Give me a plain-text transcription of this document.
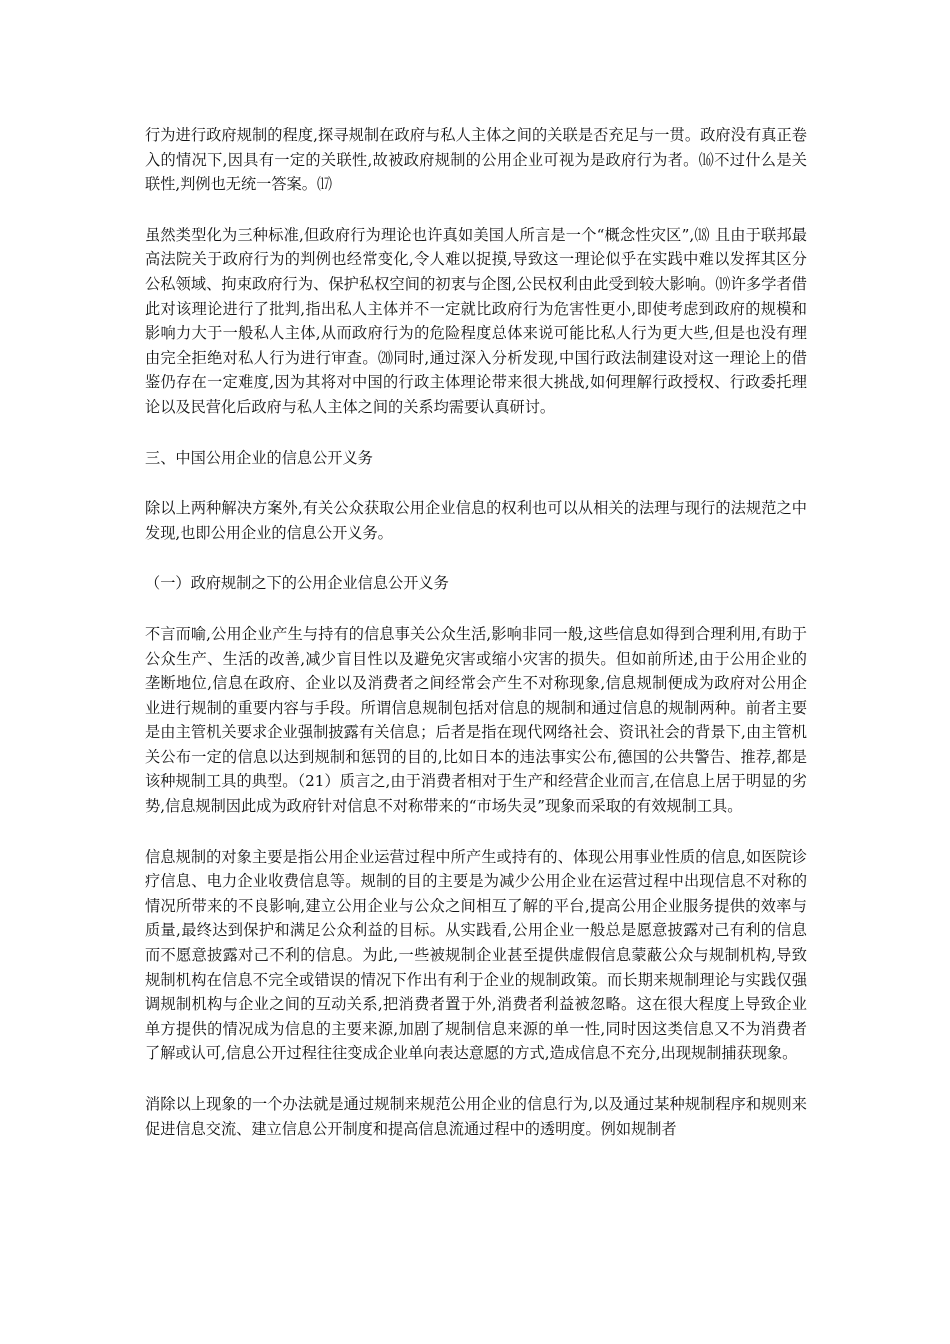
行为进行政府规制的程度,探寻规制在政府与私人主体之间的关联是否充足与一贯。政府没有真正卷入的情况下,因具有一定的关联性,故被政府规制的公用企业可视为是政府行为者。⒃不过什么是关联性,判例也无统一答案。⒄

虽然类型化为三种标准,但政府行为理论也许真如美国人所言是一个“概念性灾区”,⒅ 且由于联邦最高法院关于政府行为的判例也经常变化,令人难以捉摸,导致这一理论似乎在实践中难以发挥其区分公私领域、拘束政府行为、保护私权空间的初衷与企图,公民权利由此受到较大影响。⒆许多学者借此对该理论进行了批判,指出私人主体并不一定就比政府行为危害性更小,即使考虑到政府的规模和影响力大于一般私人主体,从而政府行为的危险程度总体来说可能比私人行为更大些,但是也没有理由完全拒绝对私人行为进行审查。⒇同时,通过深入分析发现,中国行政法制建设对这一理论上的借鉴仍存在一定难度,因为其将对中国的行政主体理论带来很大挑战,如何理解行政授权、行政委托理论以及民营化后政府与私人主体之间的关系均需要认真研讨。

三、中国公用企业的信息公开义务

除以上两种解决方案外,有关公众获取公用企业信息的权利也可以从相关的法理与现行的法规范之中发现,也即公用企业的信息公开义务。

（一）政府规制之下的公用企业信息公开义务

不言而喻,公用企业产生与持有的信息事关公众生活,影响非同一般,这些信息如得到合理利用,有助于公众生产、生活的改善,减少盲目性以及避免灾害或缩小灾害的损失。但如前所述,由于公用企业的垄断地位,信息在政府、企业以及消费者之间经常会产生不对称现象,信息规制便成为政府对公用企业进行规制的重要内容与手段。所谓信息规制包括对信息的规制和通过信息的规制两种。前者主要是由主管机关要求企业强制披露有关信息；后者是指在现代网络社会、资讯社会的背景下,由主管机关公布一定的信息以达到规制和惩罚的目的,比如日本的违法事实公布,德国的公共警告、推荐,都是该种规制工具的典型。（21）质言之,由于消费者相对于生产和经营企业而言,在信息上居于明显的劣势,信息规制因此成为政府针对信息不对称带来的“市场失灵”现象而采取的有效规制工具。

信息规制的对象主要是指公用企业运营过程中所产生或持有的、体现公用事业性质的信息,如医院诊疗信息、电力企业收费信息等。规制的目的主要是为减少公用企业在运营过程中出现信息不对称的情况所带来的不良影响,建立公用企业与公众之间相互了解的平台,提高公用企业服务提供的效率与质量,最终达到保护和满足公众利益的目标。从实践看,公用企业一般总是愿意披露对己有利的信息而不愿意披露对己不利的信息。为此,一些被规制企业甚至提供虚假信息蒙蔽公众与规制机构,导致规制机构在信息不完全或错误的情况下作出有利于企业的规制政策。而长期来规制理论与实践仅强调规制机构与企业之间的互动关系,把消费者置于外,消费者利益被忽略。这在很大程度上导致企业单方提供的情况成为信息的主要来源,加剧了规制信息来源的单一性,同时因这类信息又不为消费者了解或认可,信息公开过程往往变成企业单向表达意愿的方式,造成信息不充分,出现规制捕获现象。

消除以上现象的一个办法就是通过规制来规范公用企业的信息行为,以及通过某种规制程序和规则来促进信息交流、建立信息公开制度和提高信息流通过程中的透明度。例如规制者
